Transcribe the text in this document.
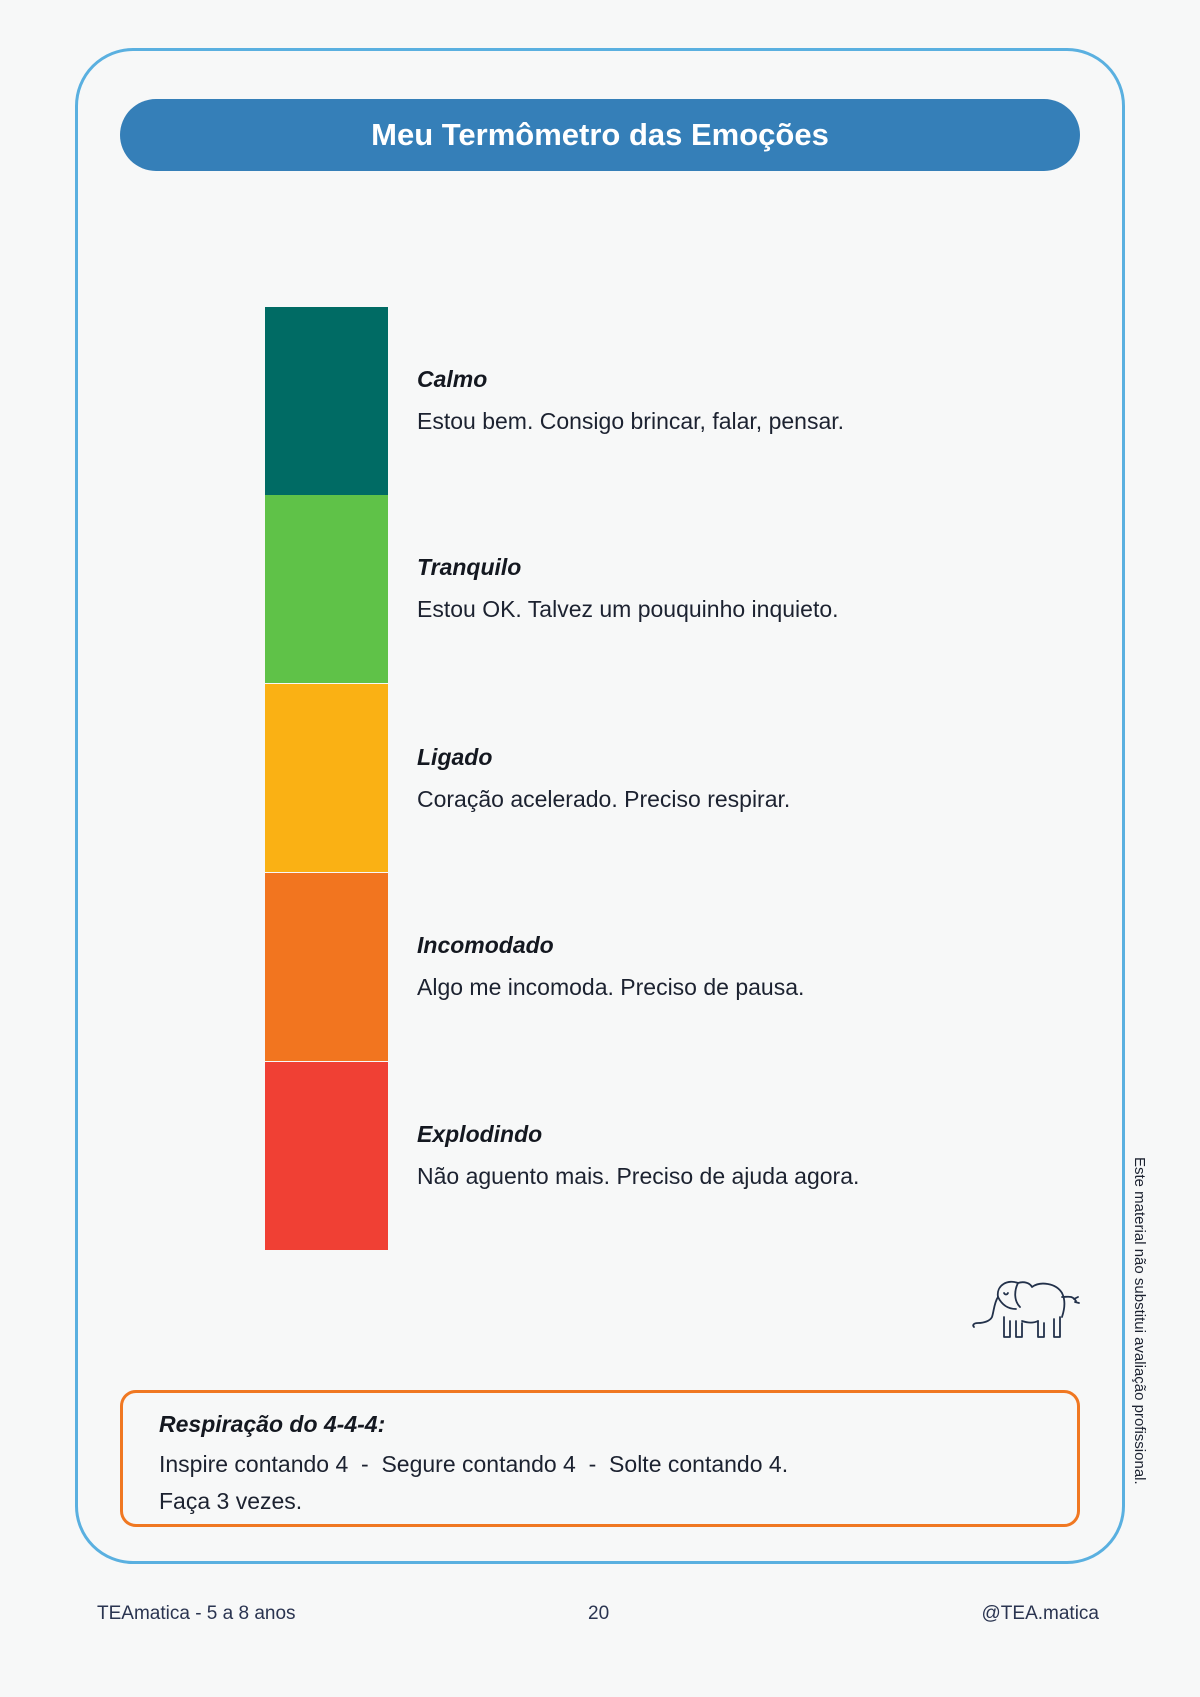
Meu Termômetro das Emoções
Calmo
Estou bem. Consigo brincar, falar, pensar.
Tranquilo
Estou OK. Talvez um pouquinho inquieto.
Ligado
Coração acelerado. Preciso respirar.
Incomodado
Algo me incomoda. Preciso de pausa.
Explodindo
Não aguento mais. Preciso de ajuda agora.
Respiração do 4-4-4:
Inspire contando 4  -  Segure contando 4  -  Solte contando 4.
Faça 3 vezes.
Este material não substitui avaliação profissional.
TEAmatica - 5 a 8 anos	20	@TEA.matica
